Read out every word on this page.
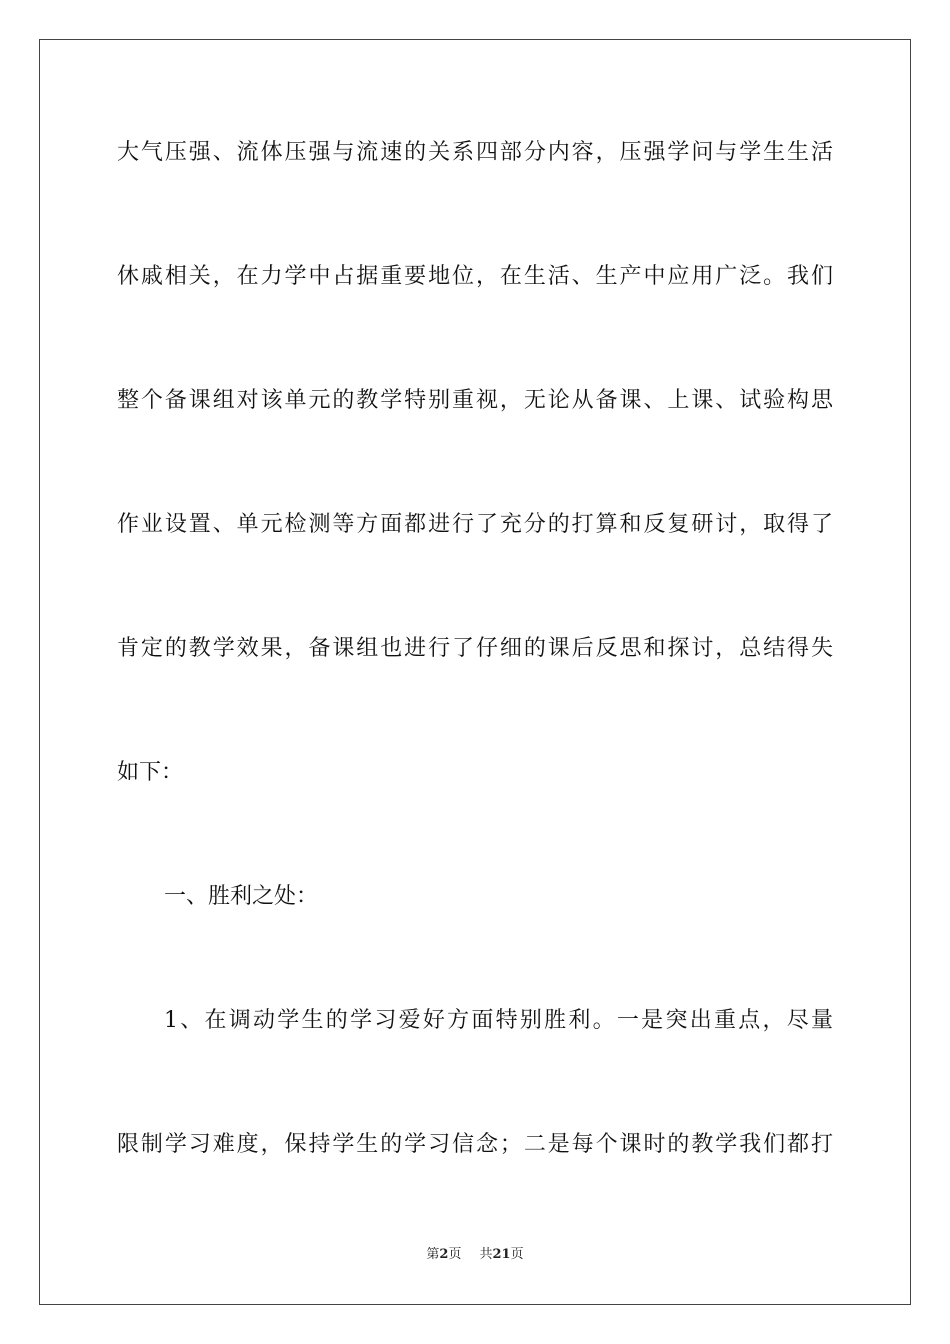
大气压强、流体压强与流速的关系四部分内容，压强学问与学生生活
休戚相关，在力学中占据重要地位，在生活、生产中应用广泛。我们
整个备课组对该单元的教学特别重视，无论从备课、上课、试验构思
作业设置、单元检测等方面都进行了充分的打算和反复研讨，取得了
肯定的教学效果，备课组也进行了仔细的课后反思和探讨，总结得失
如下：
一、胜利之处：
1、在调动学生的学习爱好方面特别胜利。一是突出重点，尽量
限制学习难度，保持学生的学习信念；二是每个课时的教学我们都打
第2页 共21页
